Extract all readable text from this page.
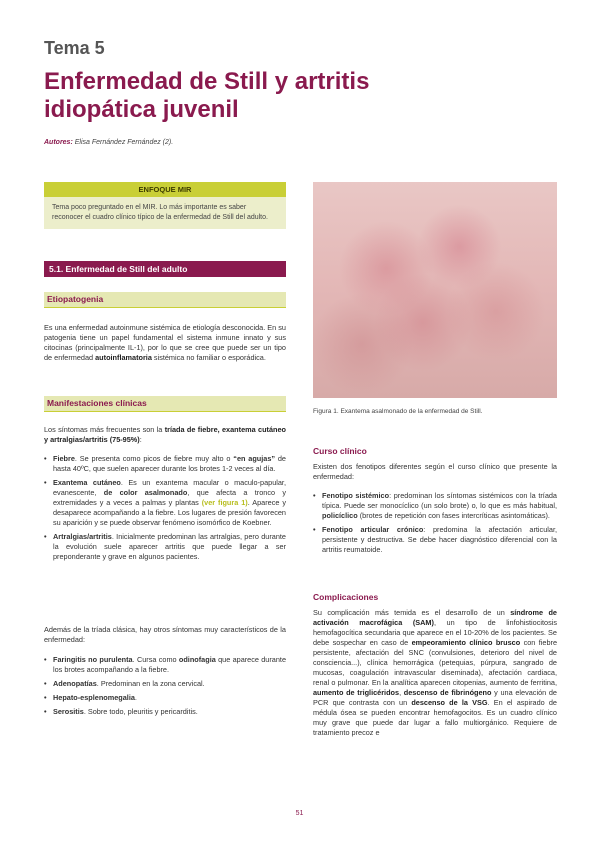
Tema 5
Enfermedad de Still y artritis idiopática juvenil
Autores: Elisa Fernández Fernández (2).
ENFOQUE MIR
Tema poco preguntado en el MIR. Lo más importante es saber reconocer el cuadro clínico típico de la enfermedad de Still del adulto.
5.1. Enfermedad de Still del adulto
Etiopatogenia
Es una enfermedad autoinmune sistémica de etiología desconocida. En su patogenia tiene un papel fundamental el sistema inmune innato y sus citocinas (principalmente IL-1), por lo que se cree que puede ser un tipo de enfermedad autoinflamatoria sistémica no familiar o esporádica.
Manifestaciones clínicas
Los síntomas más frecuentes son la tríada de fiebre, exantema cutáneo y artralgias/artritis (75-95%):
• Fiebre. Se presenta como picos de fiebre muy alto o “en agujas” de hasta 40ºC, que suelen aparecer durante los brotes 1-2 veces al día.
• Exantema cutáneo. Es un exantema macular o maculo-papular, evanescente, de color asalmonado, que afecta a tronco y extremidades y a veces a palmas y plantas (ver figura 1). Aparece y desaparece acompañando a la fiebre. Los lugares de presión favorecen su aparición y se puede observar fenómeno isomórfico de Koebner.
• Artralgias/artritis. Inicialmente predominan las artralgias, pero durante la evolución suele aparecer artritis que puede llegar a ser preponderante y grave en algunos pacientes.
Además de la tríada clásica, hay otros síntomas muy característicos de la enfermedad:
• Faringitis no purulenta. Cursa como odinofagia que aparece durante los brotes acompañando a la fiebre.
• Adenopatías. Predominan en la zona cervical.
• Hepato-esplenomegalia.
• Serositis. Sobre todo, pleuritis y pericarditis.
Figura 1. Exantema asalmonado de la enfermedad de Still.
Curso clínico
Existen dos fenotipos diferentes según el curso clínico que presente la enfermedad:
• Fenotipo sistémico: predominan los síntomas sistémicos con la tríada típica. Puede ser monocíclico (un solo brote) o, lo que es más habitual, policíclico (brotes de repetición con fases intercríticas asintomáticas).
• Fenotipo articular crónico: predomina la afectación articular, persistente y destructiva. Se debe hacer diagnóstico diferencial con la artritis reumatoide.
Complicaciones
Su complicación más temida es el desarrollo de un síndrome de activación macrofágica (SAM), un tipo de linfohistiocitosis hemofagocítica secundaria que aparece en el 10-20% de los pacientes. Se debe sospechar en caso de empeoramiento clínico brusco con fiebre persistente, afectación del SNC (convulsiones, deterioro del nivel de consciencia...), clínica hemorrágica (petequias, púrpura, sangrado de mucosas, coagulación intravascular diseminada), afectación cardiaca, renal o pulmonar. En la analítica aparecen citopenias, aumento de ferritina, aumento de triglicéridos, descenso de fibrinógeno y una elevación de PCR que contrasta con un descenso de la VSG. En el aspirado de médula ósea se pueden encontrar hemofagocitos. Es un cuadro clínico muy grave que puede dar lugar a fallo multiorgánico. Requiere de tratamiento precoz e
51
